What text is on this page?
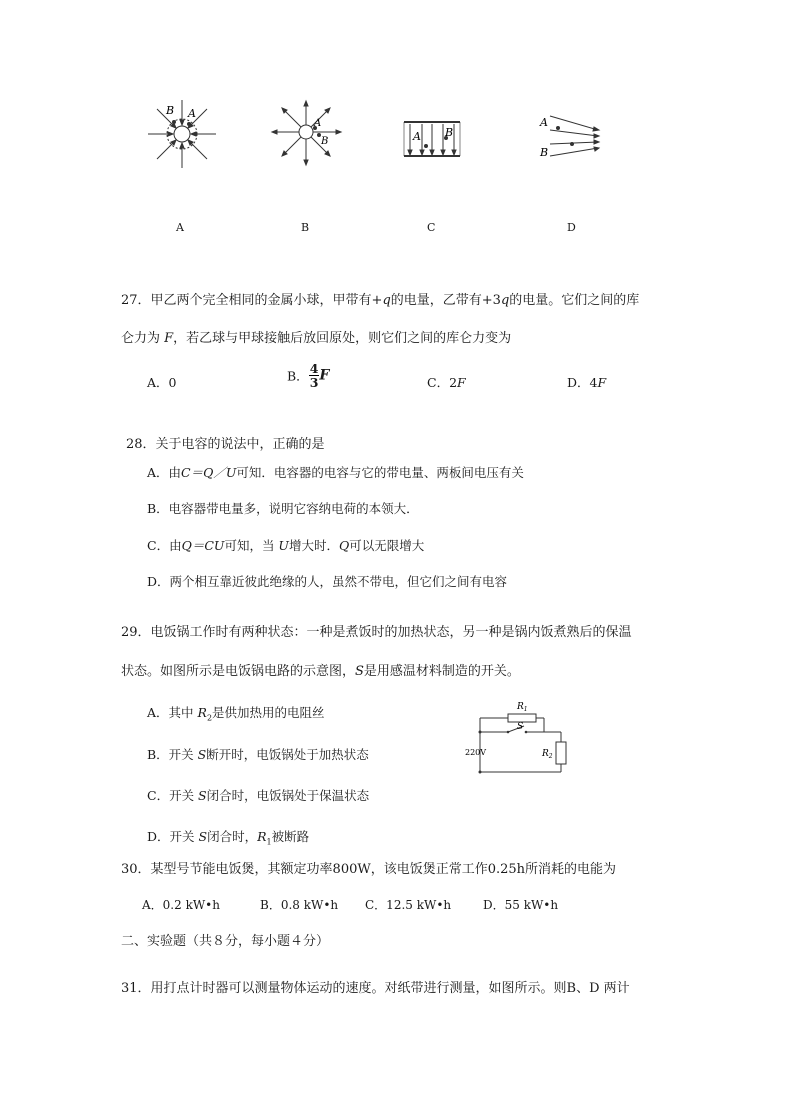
B A
A
B	A B
A
B
A	B	C	D
27．甲乙两个完全相同的金属小球，甲带有+q的电量，乙带有+3q的电量。它们之间的库
仑力为 F，若乙球与甲球接触后放回原处，则它们之间的库仑力变为
A．0	B． $\frac{4}{3}$ F	C．2F	D．4F
28．关于电容的说法中，正确的是
A．由C＝Q／U可知．电容器的电容与它的带电量、两板间电压有关
B．电容器带电量多，说明它容纳电荷的本领大．
C．由Q＝CU可知，当 U增大时．Q可以无限增大
D．两个相互靠近彼此绝缘的人，虽然不带电，但它们之间有电容
29．电饭锅工作时有两种状态：一种是煮饭时的加热状态，另一种是锅内饭煮熟后的保温
状态。如图所示是电饭锅电路的示意图，S是用感温材料制造的开关。
A．其中 $R_2$是供加热用的电阻丝
B．开关 S断开时，电饭锅处于加热状态
C．开关 S闭合时，电饭锅处于保温状态
D．开关 S闭合时，$R_1$被断路
$R_1$
S
220V	$R_2$
30．某型号节能电饭煲，其额定功率800W，该电饭煲正常工作0.25h所消耗的电能为
A．0.2 kW•h	B．0.8 kW•h C．12.5 kW•h	D．55 kW•h
二、实验题（共８分，每小题４分）
31．用打点计时器可以测量物体运动的速度。对纸带进行测量，如图所示。则B、D 两计
